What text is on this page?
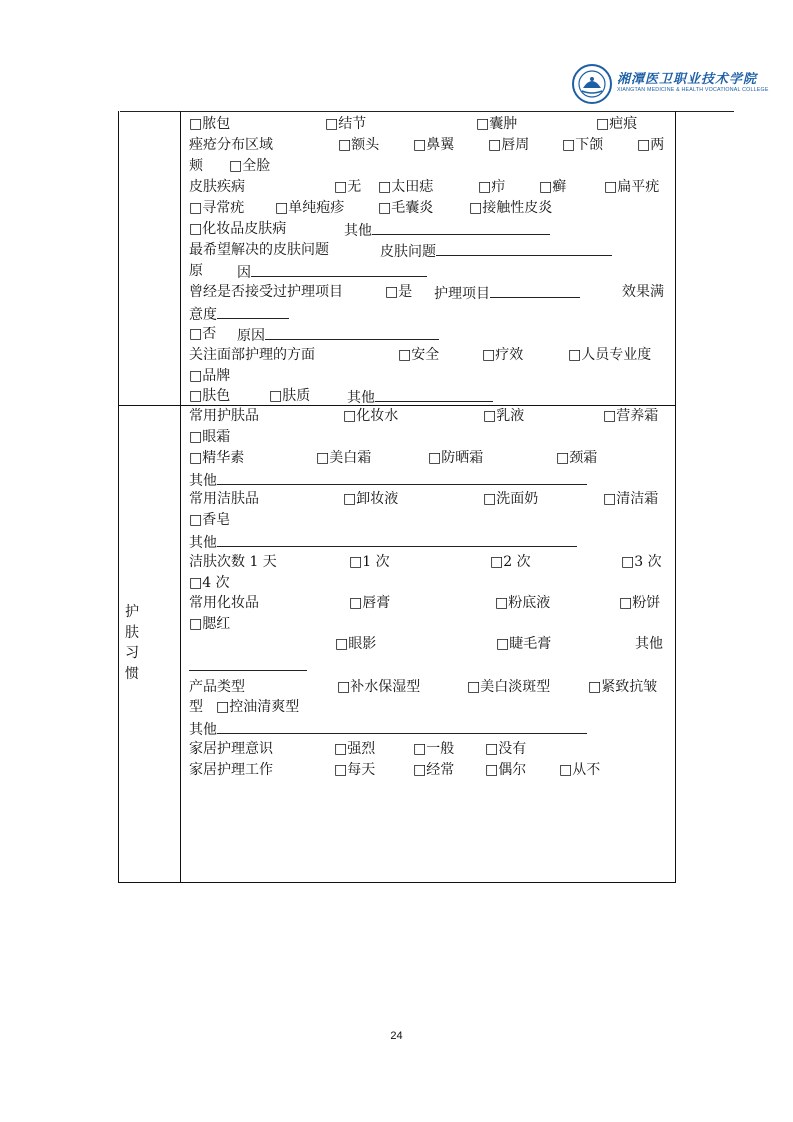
湘潭医卫职业技术学院
XIANGTAN MEDICINE & HEALTH VOCATIONAL COLLEGE
护肤习惯
□脓包	□结节	□囊肿	□疤痕
痤疮分布区域	□额头 □鼻翼 □唇周 □下颌 □两
颊 □全脸
皮肤疾病	□无 □太田痣	□疖 □癣	□扁平疣
□寻常疣 □单纯疱疹 □毛囊炎	□接触性皮炎
□化妆品皮肤病	其他
最希望解决的皮肤问题	皮肤问题
原 因
曾经是否接受过护理项目	□是 护理项目	效果满
意度
□否 原因
关注面部护理的方面	□安全	□疗效	□人员专业度
□品牌
□肤色	□肤质	其他
常用护肤品	□化妆水	□乳液	□营养霜
□眼霜
□精华素	□美白霜	□防晒霜	□颈霜
其他
常用洁肤品	□卸妆液	□洗面奶	□清洁霜
□香皂
其他
洁肤次数 1 天	□1 次	□2 次	□3 次
□4 次
常用化妆品	□唇膏	□粉底液	□粉饼
□腮红
□眼影	□睫毛膏	其他
产品类型	□补水保湿型	□美白淡斑型	□紧致抗皱
型 □控油清爽型
其他
家居护理意识	□强烈	□一般 □没有
家居护理工作	□每天	□经常 □偶尔 □从不
24
